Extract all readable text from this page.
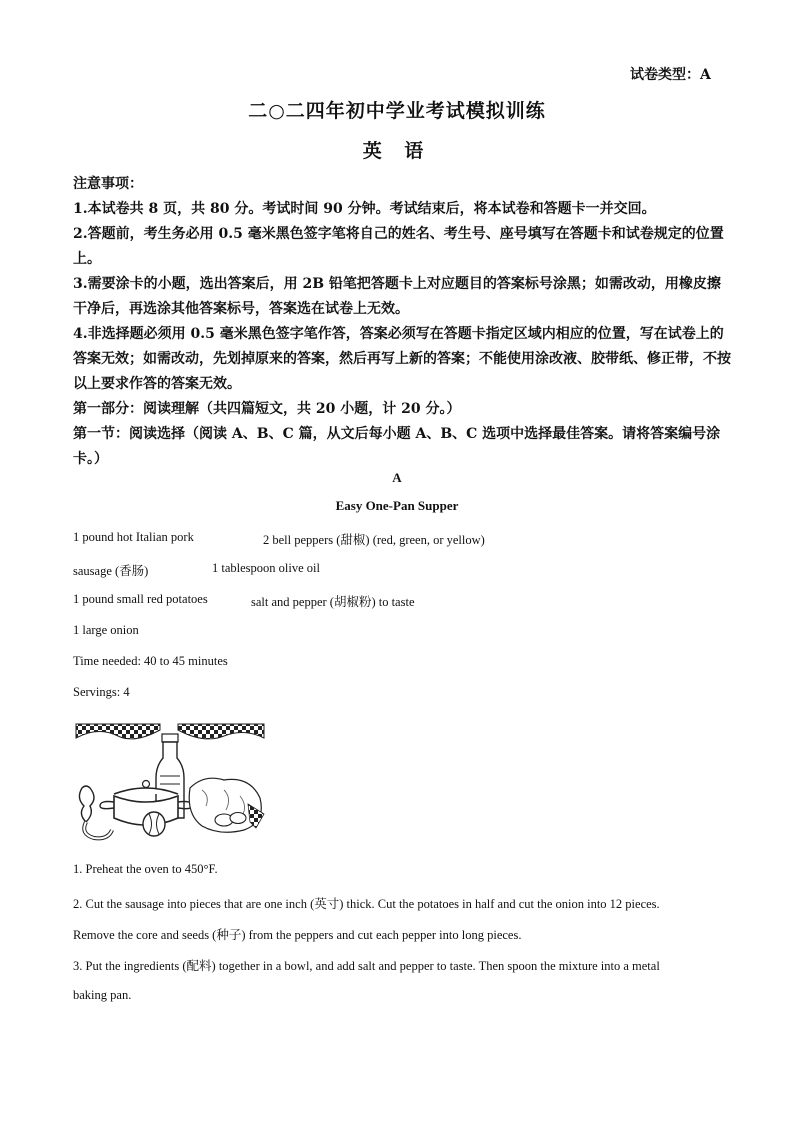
试卷类型：A
二○二四年初中学业考试模拟训练
英 语

注意事项：

1.本试卷共 8 页，共 80 分。考试时间 90 分钟。考试结束后，将本试卷和答题卡一并交回。

2.答题前，考生务必用 0.5 毫米黑色签字笔将自己的姓名、考生号、座号填写在答题卡和试卷规定的位置上。

3.需要涂卡的小题，选出答案后，用 2B 铅笔把答题卡上对应题目的答案标号涂黑；如需改动，用橡皮擦干净后，再选涂其他答案标号，答案选在试卷上无效。

4.非选择题必须用 0.5 毫米黑色签字笔作答，答案必须写在答题卡指定区域内相应的位置，写在试卷上的答案无效；如需改动，先划掉原来的答案，然后再写上新的答案；不能使用涂改液、胶带纸、修正带，不按以上要求作答的答案无效。

第一部分：阅读理解（共四篇短文，共 20 小题，计 20 分。）

第一节：阅读选择（阅读 A、B、C 篇，从文后每小题 A、B、C 选项中选择最佳答案。请将答案编号涂卡。）

A
Easy One-Pan Supper
1 pound hot Italian pork	2 bell peppers (甜椒) (red, green, or yellow)
sausage (香肠)	1 tablespoon olive oil
1 pound small red potatoes	salt and pepper (胡椒粉) to taste
1 large onion
Time needed: 40 to 45 minutes
Servings: 4
1. Preheat the oven to 450°F.
2. Cut the sausage into pieces that are one inch (英寸) thick. Cut the potatoes in half and cut the onion into 12 pieces.
Remove the core and seeds (种子) from the peppers and cut each pepper into long pieces.
3. Put the ingredients (配料) together in a bowl, and add salt and pepper to taste. Then spoon the mixture into a metal
baking pan.
